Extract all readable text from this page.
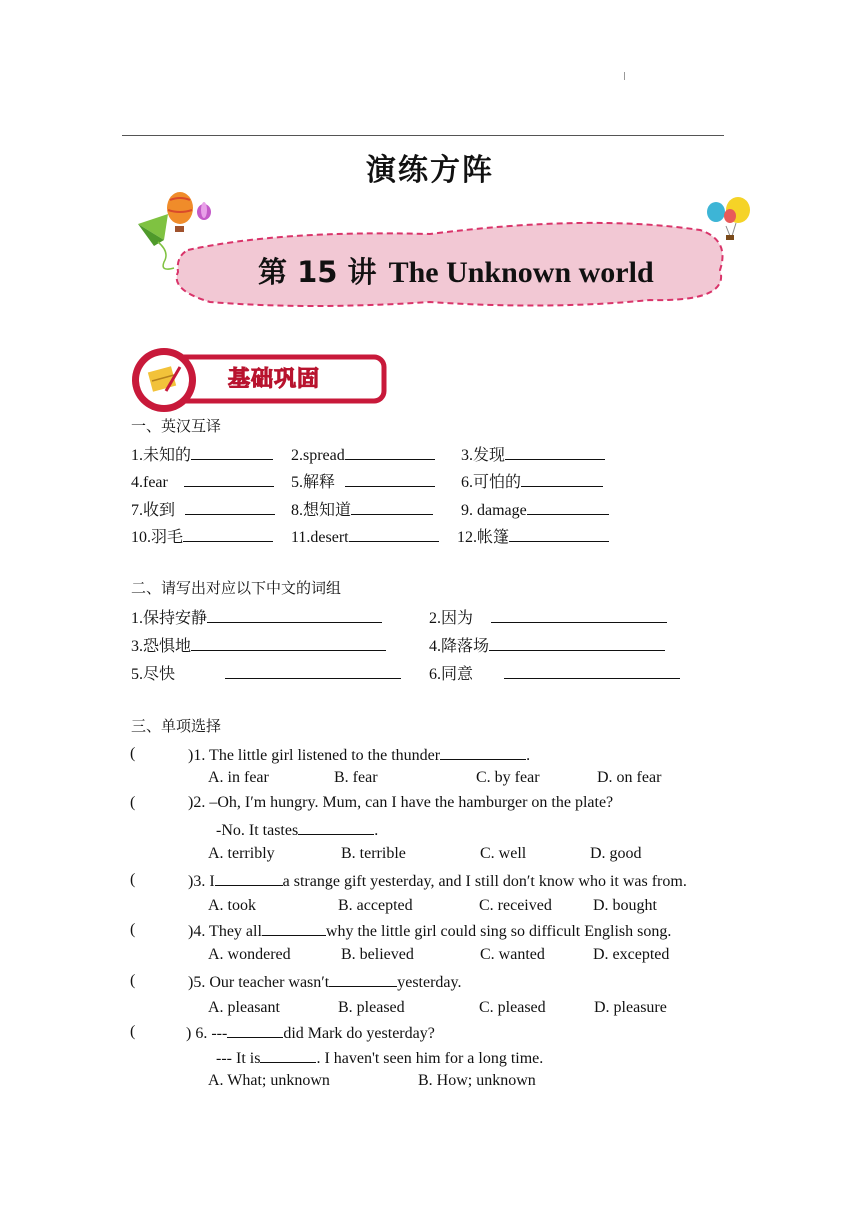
演练方阵
第 15 讲 The Unknown world
基础巩固
一、英汉互译
1.未知的	2.spread	3.发现
4.fear	5.解释	6.可怕的
7.收到	8.想知道	9. damage
10.羽毛	11.desert	12.帐篷
二、请写出对应以下中文的词组
1.保持安静	2.因为
3.恐惧地	4.降落场
5.尽快	6.同意
三、单项选择
(	)1. The little girl listened to the thunder	.
A. in fear	B. fear	C. by fear	D. on fear
(	)2. –Oh, I′m hungry. Mum, can I have the hamburger on the plate?
-No. It tastes	.
A. terribly	B. terrible	C. well	D. good
(	)3. I	a strange gift yesterday, and I still don′t know who it was from.
A. took	B. accepted	C. received	D. bought
(	)4. They all	why the little girl could sing so difficult English song.
A. wondered	B. believed	C. wanted	D. excepted
(	)5. Our teacher wasn′t	yesterday.
A. pleasant	B. pleased	C. pleased	D. pleasure
(	) 6. ---	did Mark do yesterday?
--- It is	. I haven't seen him for a long time.
A. What; unknown	B. How; unknown
